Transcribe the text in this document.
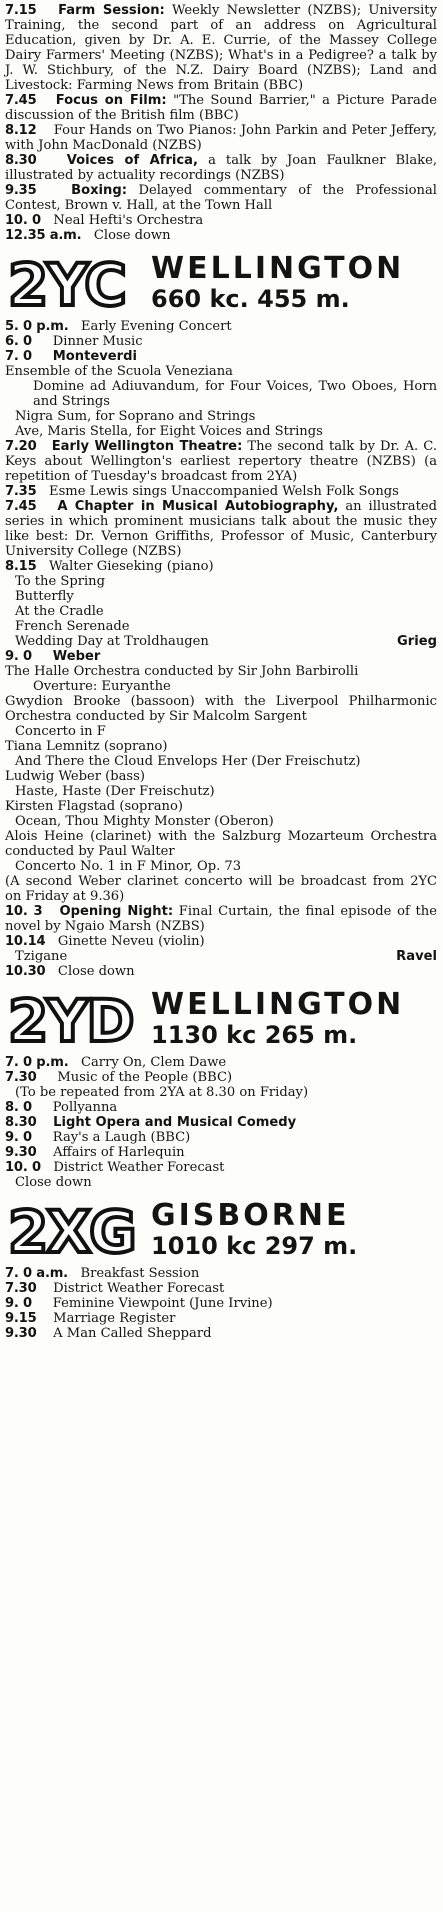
7.15 Farm Session: Weekly Newsletter (NZBS); University Training, the second part of an address on Agricultural Education, given by Dr. A. E. Currie, of the Massey College Dairy Farmers' Meeting (NZBS); What's in a Pedigree? a talk by J. W. Stichbury, of the N.Z. Dairy Board (NZBS); Land and Livestock: Farming News from Britain (BBC)

7.45 Focus on Film: "The Sound Barrier," a Picture Parade discussion of the British film (BBC)

8.12 Four Hands on Two Pianos: John Parkin and Peter Jeffery, with John MacDonald (NZBS)

8.30 Voices of Africa, a talk by Joan Faulkner Blake, illustrated by actuality recordings (NZBS)

9.35	Boxing: Delayed commentary of the Professional Contest, Brown v. Hall, at the Town Hall

10. 0 Neal Hefti's Orchestra

12.35 a.m. Close down

2YC WELLINGTON
660 kc. 455 m.

5. 0 p.m. Early Evening Concert

6. 0 Dinner Music

7. 0 Monteverdi

Ensemble of the Scuola Veneziana

Domine ad Adiuvandum, for Four Voices, Two Oboes, Horn and Strings

Nigra Sum, for Soprano and Strings

Ave, Maris Stella, for Eight Voices and Strings

7.20 Early Wellington Theatre: The second talk by Dr. A. C. Keys about Wellington's earliest repertory theatre (NZBS) (a repetition of Tuesday's broadcast from 2YA)

7.35 Esme Lewis sings Unaccompanied Welsh Folk Songs

7.45 A Chapter in Musical Autobiography, an illustrated series in which prominent musicians talk about the music they like best: Dr. Vernon Griffiths, Professor of Music, Canterbury University College (NZBS)

8.15 Walter Gieseking (piano)

To the Spring

Butterfly

At the Cradle

French Serenade

Wedding Day at Troldhaugen	Grieg

9. 0 Weber

The Halle Orchestra conducted by Sir John Barbirolli

Overture: Euryanthe

Gwydion Brooke (bassoon) with the Liverpool Philharmonic Orchestra conducted by Sir Malcolm Sargent

Concerto in F

Tiana Lemnitz (soprano)

And There the Cloud Envelops Her (Der Freischutz)

Ludwig Weber (bass)

Haste, Haste (Der Freischutz)

Kirsten Flagstad (soprano)

Ocean, Thou Mighty Monster (Oberon)

Alois Heine (clarinet) with the Salzburg Mozarteum Orchestra conducted by Paul Walter

Concerto No. 1 in F Minor, Op. 73

(A second Weber clarinet concerto will be broadcast from 2YC on Friday at 9.36)

10. 3 Opening Night: Final Curtain, the final episode of the novel by Ngaio Marsh (NZBS)

10.14 Ginette Neveu (violin)

Tzigane	Ravel

10.30 Close down

2YD WELLINGTON
1130 kc 265 m.

7. 0 p.m. Carry On, Clem Dawe

7.30 Music of the People (BBC)

(To be repeated from 2YA at 8.30 on Friday)

8. 0 Pollyanna

8.30 Light Opera and Musical Comedy

9. 0 Ray's a Laugh (BBC)

9.30 Affairs of Harlequin

10. 0 District Weather Forecast

Close down

2XG GISBORNE
1010 kc 297 m.

7. 0 a.m. Breakfast Session

7.30 District Weather Forecast

9. 0 Feminine Viewpoint (June Irvine)

9.15 Marriage Register

9.30 A Man Called Sheppard
